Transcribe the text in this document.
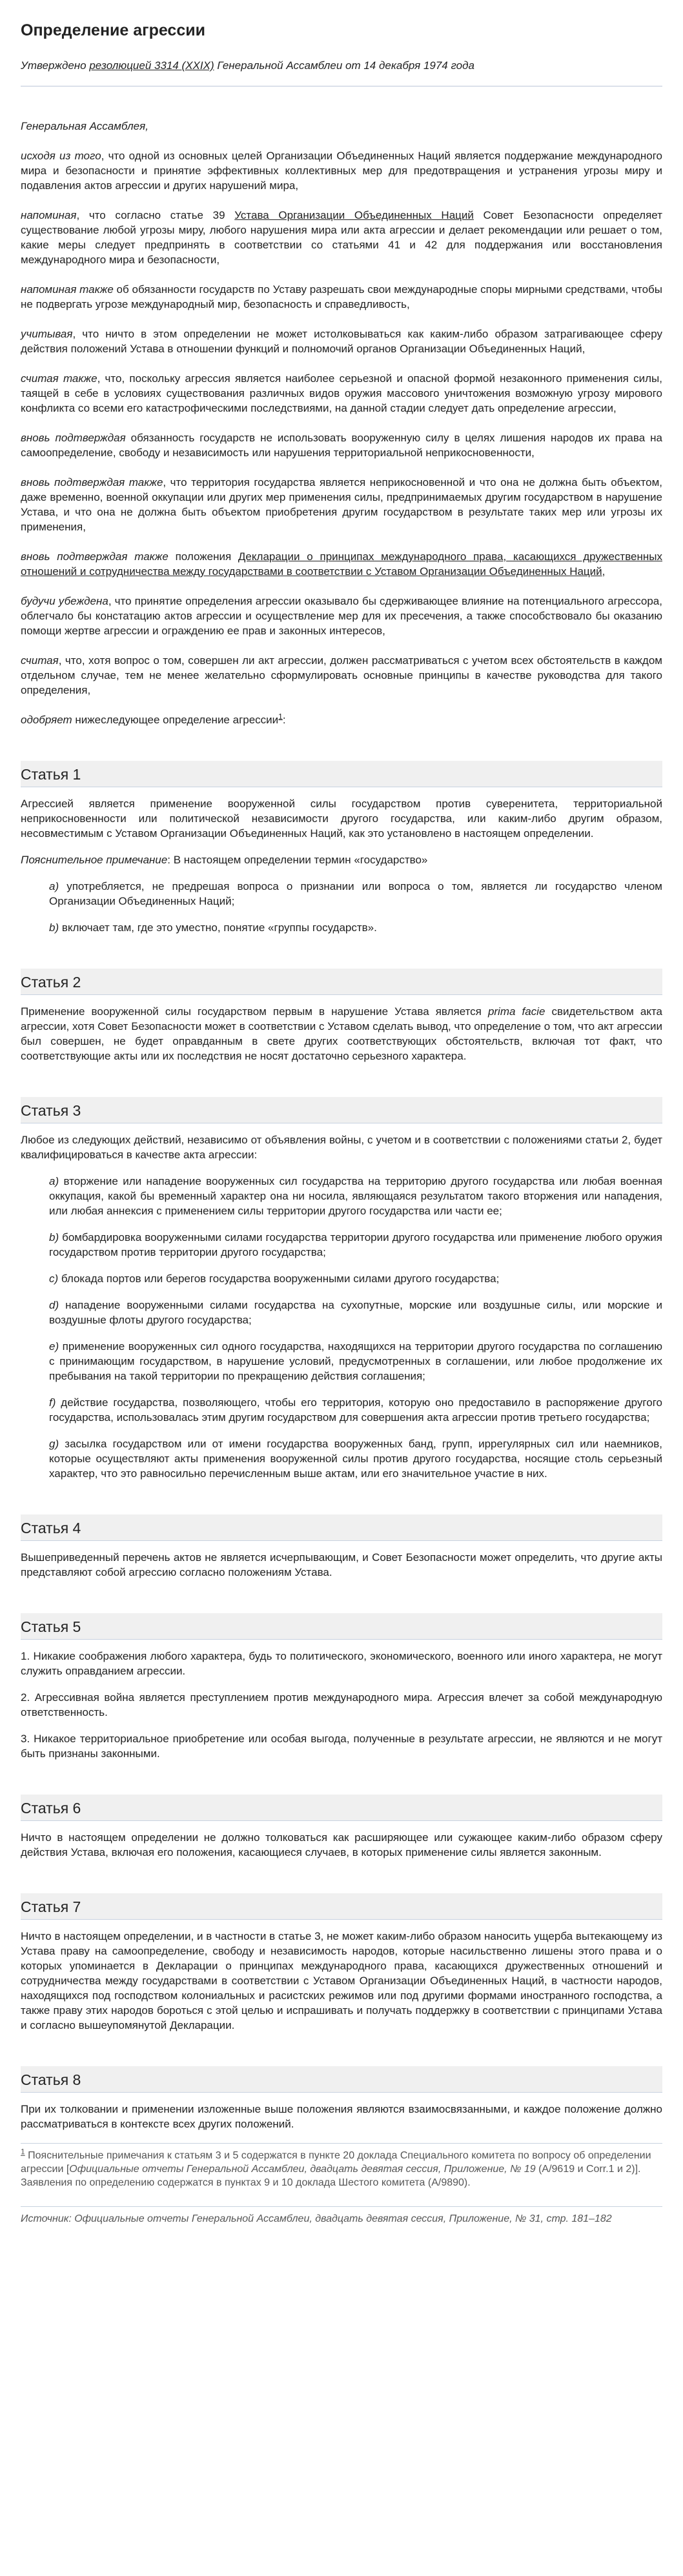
Определение агрессии
Утверждено резолюцией 3314 (XXIX) Генеральной Ассамблеи от 14 декабря 1974 года

Генеральная Ассамблея,

исходя из того, что одной из основных целей Организации Объединенных Наций является поддержание международного мира и безопасности и принятие эффективных коллективных мер для предотвращения и устранения угрозы миру и подавления актов агрессии и других нарушений мира,

напоминая, что согласно статье 39 Устава Организации Объединенных Наций Совет Безопасности определяет существование любой угрозы миру, любого нарушения мира или акта агрессии и делает рекомендации или решает о том, какие меры следует предпринять в соответствии со статьями 41 и 42 для поддержания или восстановления международного мира и безопасности,

напоминая также об обязанности государств по Уставу разрешать свои международные споры мирными средствами, чтобы не подвергать угрозе международный мир, безопасность и справедливость,

учитывая, что ничто в этом определении не может истолковываться как каким-либо образом затрагивающее сферу действия положений Устава в отношении функций и полномочий органов Организации Объединенных Наций,

считая также, что, поскольку агрессия является наиболее серьезной и опасной формой незаконного применения силы, таящей в себе в условиях существования различных видов оружия массового уничтожения возможную угрозу мирового конфликта со всеми его катастрофическими последствиями, на данной стадии следует дать определение агрессии,

вновь подтверждая обязанность государств не использовать вооруженную силу в целях лишения народов их права на самоопределение, свободу и независимость или нарушения территориальной неприкосновенности,

вновь подтверждая также, что территория государства является неприкосновенной и что она не должна быть объектом, даже временно, военной оккупации или других мер применения силы, предпринимаемых другим государством в нарушение Устава, и что она не должна быть объектом приобретения другим государством в результате таких мер или угрозы их применения,

вновь подтверждая также положения Декларации о принципах международного права, касающихся дружественных отношений и сотрудничества между государствами в соответствии с Уставом Организации Объединенных Наций,

будучи убеждена, что принятие определения агрессии оказывало бы сдерживающее влияние на потенциального агрессора, облегчало бы констатацию актов агрессии и осуществление мер для их пресечения, а также способствовало бы оказанию помощи жертве агрессии и ограждению ее прав и законных интересов,

считая, что, хотя вопрос о том, совершен ли акт агрессии, должен рассматриваться с учетом всех обстоятельств в каждом отдельном случае, тем не менее желательно сформулировать основные принципы в качестве руководства для такого определения,

одобряет нижеследующее определение агрессии$^1$:

Статья 1

Агрессией является применение вооруженной силы государством против суверенитета, территориальной неприкосновенности или политической независимости другого государства, или каким-либо другим образом, несовместимым с Уставом Организации Объединенных Наций, как это установлено в настоящем определении.

Пояснительное примечание: В настоящем определении термин «государство»

a) употребляется, не предрешая вопроса о признании или вопроса о том, является ли государство членом Организации Объединенных Наций;
b) включает там, где это уместно, понятие «группы государств».
Статья 2

Применение вооруженной силы государством первым в нарушение Устава является prima facie свидетельством акта агрессии, хотя Совет Безопасности может в соответствии с Уставом сделать вывод, что определение о том, что акт агрессии был совершен, не будет оправданным в свете других соответствующих обстоятельств, включая тот факт, что соответствующие акты или их последствия не носят достаточно серьезного характера.

Статья 3

Любое из следующих действий, независимо от объявления войны, с учетом и в соответствии с положениями статьи 2, будет квалифицироваться в качестве акта агрессии:

a) вторжение или нападение вооруженных сил государства на территорию другого государства или любая военная оккупация, какой бы временный характер она ни носила, являющаяся результатом такого вторжения или нападения, или любая аннексия с применением силы территории другого государства или части ее;
b) бомбардировка вооруженными силами государства территории другого государства или применение любого оружия государством против территории другого государства;
c) блокада портов или берегов государства вооруженными силами другого государства;
d) нападение вооруженными силами государства на сухопутные, морские или воздушные силы, или морские и воздушные флоты другого государства;
e) применение вооруженных сил одного государства, находящихся на территории другого государства по соглашению с принимающим государством, в нарушение условий, предусмотренных в соглашении, или любое продолжение их пребывания на такой территории по прекращению действия соглашения;
f) действие государства, позволяющего, чтобы его территория, которую оно предоставило в распоряжение другого государства, использовалась этим другим государством для совершения акта агрессии против третьего государства;
g) засылка государством или от имени государства вооруженных банд, групп, иррегулярных сил или наемников, которые осуществляют акты применения вооруженной силы против другого государства, носящие столь серьезный характер, что это равносильно перечисленным выше актам, или его значительное участие в них.
Статья 4

Вышеприведенный перечень актов не является исчерпывающим, и Совет Безопасности может определить, что другие акты представляют собой агрессию согласно положениям Устава.

Статья 5
1. Никакие соображения любого характера, будь то политического, экономического, военного или иного характера, не могут служить оправданием агрессии.
2. Агрессивная война является преступлением против международного мира. Агрессия влечет за собой международную ответственность.
3. Никакое территориальное приобретение или особая выгода, полученные в результате агрессии, не являются и не могут быть признаны законными.
Статья 6

Ничто в настоящем определении не должно толковаться как расширяющее или сужающее каким-либо образом сферу действия Устава, включая его положения, касающиеся случаев, в которых применение силы является законным.

Статья 7

Ничто в настоящем определении, и в частности в статье 3, не может каким-либо образом наносить ущерба вытекающему из Устава праву на самоопределение, свободу и независимость народов, которые насильственно лишены этого права и о которых упоминается в Декларации о принципах международного права, касающихся дружественных отношений и сотрудничества между государствами в соответствии с Уставом Организации Объединенных Наций, в частности народов, находящихся под господством колониальных и расистских режимов или под другими формами иностранного господства, а также праву этих народов бороться с этой целью и испрашивать и получать поддержку в соответствии с принципами Устава и согласно вышеупомянутой Декларации.

Статья 8

При их толковании и применении изложенные выше положения являются взаимосвязанными, и каждое положение должно рассматриваться в контексте всех других положений.

$^1$ Пояснительные примечания к статьям 3 и 5 содержатся в пункте 20 доклада Специального комитета по вопросу об определении агрессии [Официальные отчеты Генеральной Ассамблеи, двадцать девятая сессия, Приложение, № 19 (A/9619 и Corr.1 и 2)]. Заявления по определению содержатся в пунктах 9 и 10 доклада Шестого комитета (A/9890).

Источник: Официальные отчеты Генеральной Ассамблеи, двадцать девятая сессия, Приложение, № 31, стр. 181–182
